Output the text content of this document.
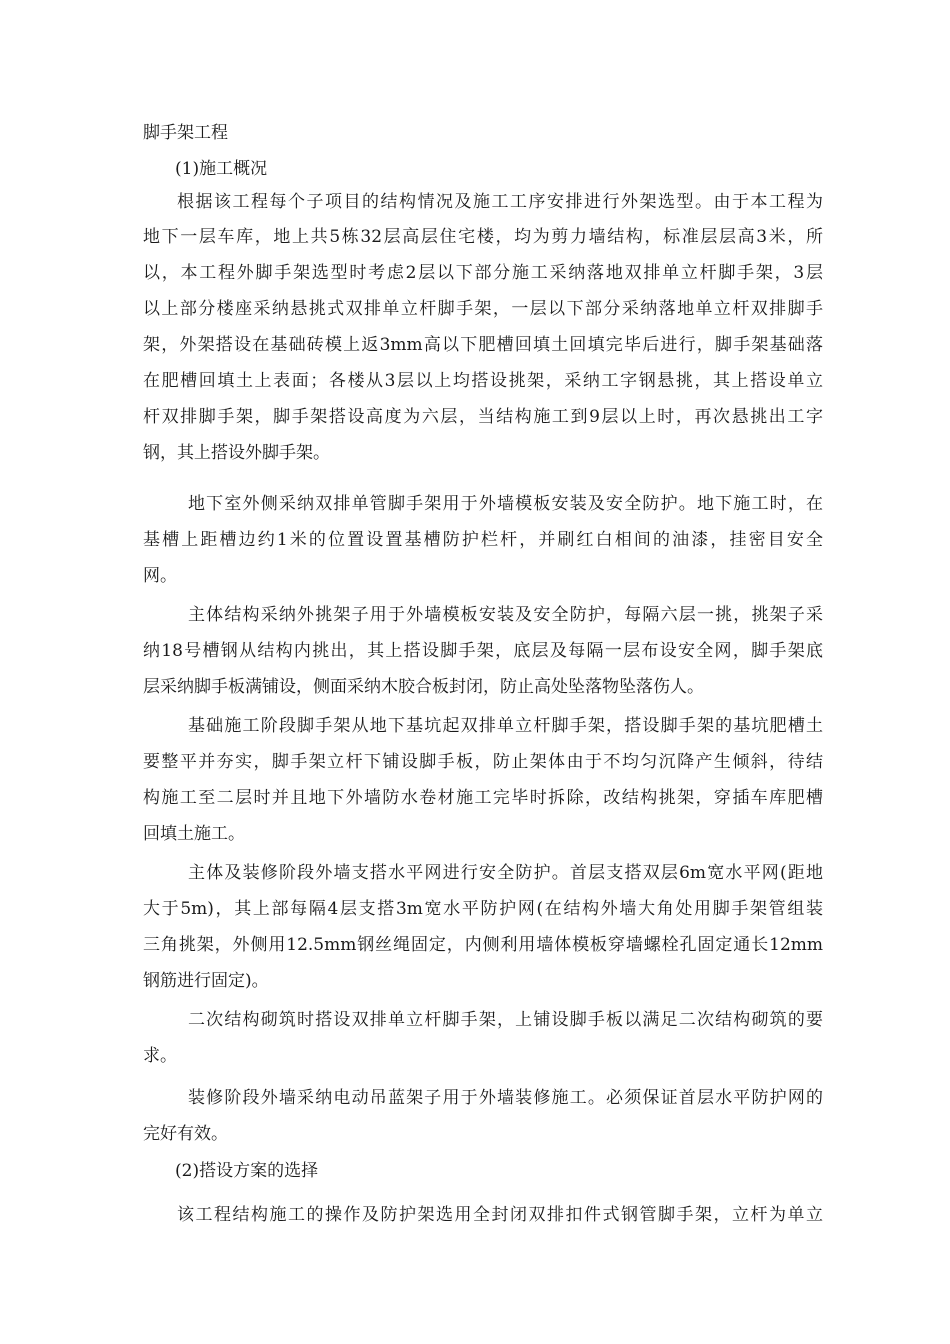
脚手架工程
(1)施工概况
根据该工程每个子项目的结构情况及施工工序安排进行外架选型。由于本工程为
地下一层车库，地上共5栋32层高层住宅楼，均为剪力墙结构，标准层层高3米，所
以，本工程外脚手架选型时考虑2层以下部分施工采纳落地双排单立杆脚手架，3层
以上部分楼座采纳悬挑式双排单立杆脚手架，一层以下部分采纳落地单立杆双排脚手
架，外架搭设在基础砖模上返3mm高以下肥槽回填土回填完毕后进行，脚手架基础落
在肥槽回填土上表面；各楼从3层以上均搭设挑架，采纳工字钢悬挑，其上搭设单立
杆双排脚手架，脚手架搭设高度为六层，当结构施工到9层以上时，再次悬挑出工字
钢，其上搭设外脚手架。
地下室外侧采纳双排单管脚手架用于外墙模板安装及安全防护。地下施工时，在
基槽上距槽边约1米的位置设置基槽防护栏杆，并刷红白相间的油漆，挂密目安全
网。
主体结构采纳外挑架子用于外墙模板安装及安全防护，每隔六层一挑，挑架子采
纳18号槽钢从结构内挑出，其上搭设脚手架，底层及每隔一层布设安全网，脚手架底
层采纳脚手板满铺设，侧面采纳木胶合板封闭，防止高处坠落物坠落伤人。
基础施工阶段脚手架从地下基坑起双排单立杆脚手架，搭设脚手架的基坑肥槽土
要整平并夯实，脚手架立杆下铺设脚手板，防止架体由于不均匀沉降产生倾斜，待结
构施工至二层时并且地下外墙防水卷材施工完毕时拆除，改结构挑架，穿插车库肥槽
回填土施工。
主体及装修阶段外墙支搭水平网进行安全防护。首层支搭双层6m宽水平网(距地
大于5m)，其上部每隔4层支搭3m宽水平防护网(在结构外墙大角处用脚手架管组装
三角挑架，外侧用12.5mm钢丝绳固定，内侧利用墙体模板穿墙螺栓孔固定通长12mm
钢筋进行固定)。
二次结构砌筑时搭设双排单立杆脚手架，上铺设脚手板以满足二次结构砌筑的要
求。
装修阶段外墙采纳电动吊蓝架子用于外墙装修施工。必须保证首层水平防护网的
完好有效。
(2)搭设方案的选择
该工程结构施工的操作及防护架选用全封闭双排扣件式钢管脚手架，立杆为单立
